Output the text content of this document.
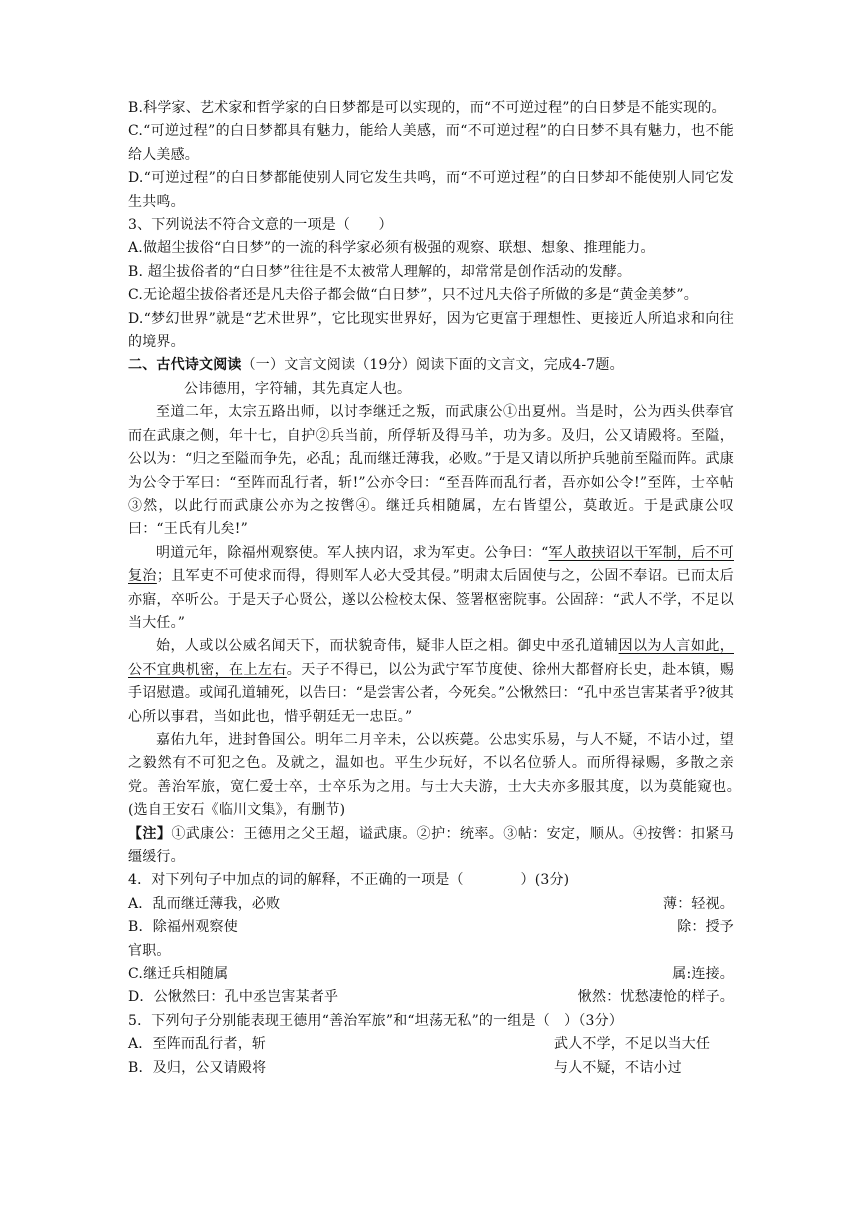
B.科学家、艺术家和哲学家的白日梦都是可以实现的，而“不可逆过程”的白日梦是不能实现的。

C.“可逆过程”的白日梦都具有魅力，能给人美感，而“不可逆过程”的白日梦不具有魅力，也不能给人美感。

D.“可逆过程”的白日梦都能使别人同它发生共鸣，而“不可逆过程”的白日梦却不能使别人同它发生共鸣。

3、下列说法不符合文意的一项是（　　）

A.做超尘拔俗“白日梦”的一流的科学家必须有极强的观察、联想、想象、推理能力。

B. 超尘拔俗者的“白日梦”往往是不太被常人理解的，却常常是创作活动的发酵。

C.无论超尘拔俗者还是凡夫俗子都会做“白日梦”，只不过凡夫俗子所做的多是“黄金美梦”。

D.“梦幻世界”就是“艺术世界”，它比现实世界好，因为它更富于理想性、更接近人所追求和向往的境界。

二、古代诗文阅读（一）文言文阅读（19分）阅读下面的文言文，完成4-7题。

公讳德用，字符辅，其先真定人也。

至道二年，太宗五路出师，以讨李继迁之叛，而武康公①出夏州。当是时，公为西头供奉官而在武康之侧，年十七，自护②兵当前，所俘斩及得马羊，功为多。及归，公又请殿将。至隘，公以为：“归之至隘而争先，必乱；乱而继迁薄我，必败。”于是又请以所护兵驰前至隘而阵。武康为公令于军曰：“至阵而乱行者，斩!”公亦令曰：“至吾阵而乱行者，吾亦如公令!”至阵，士卒帖③然，以此行而武康公亦为之按辔④。继迁兵相随属，左右皆望公，莫敢近。于是武康公叹曰：“王氏有儿矣!”

明道元年，除福州观察使。军人挟内诏，求为军吏。公争曰：“军人敢挟诏以干军制，后不可复治；且军吏不可使求而得，得则军人必大受其侵。”明肃太后固使与之，公固不奉诏。已而太后亦寤，卒听公。于是天子心贤公，遂以公检校太保、签署枢密院事。公固辞：“武人不学，不足以当大任。”

始，人或以公威名闻天下，而状貌奇伟，疑非人臣之相。御史中丞孔道辅因以为人言如此，公不宜典机密，在上左右。天子不得已，以公为武宁军节度使、徐州大都督府长史，赴本镇，赐手诏慰遣。或闻孔道辅死，以告曰：“是尝害公者，今死矣。”公愀然曰：“孔中丞岂害某者乎?彼其心所以事君，当如此也，惜乎朝廷无一忠臣。”

嘉佑九年，进封鲁国公。明年二月辛未，公以疾薨。公忠实乐易，与人不疑，不诘小过，望之毅然有不可犯之色。及就之，温如也。平生少玩好，不以名位骄人。而所得禄赐，多散之亲党。善治军旅，宽仁爱士卒，士卒乐为之用。与士大夫游，士大夫亦多服其度，以为莫能窥也。　(选自王安石《临川文集》，有删节)

【注】①武康公：王德用之父王超，谥武康。②护：统率。③帖：安定，顺从。④按辔：扣紧马缰缓行。

4．对下列句子中加点的词的解释，不正确的一项是（　　　　）(3分)

A．乱而继迁薄我，必败	薄：轻视。
B．除福州观察使	除：授予
官职。
C.继迁兵相随属	属:连接。
D．公愀然曰：孔中丞岂害某者乎	愀然：忧愁凄怆的样子。

5．下列句子分别能表现王德用“善治军旅”和“坦荡无私”的一组是（　）（3分）

A．至阵而乱行者，斩	武人不学，不足以当大任
B．及归，公又请殿将	与人不疑，不诘小过
